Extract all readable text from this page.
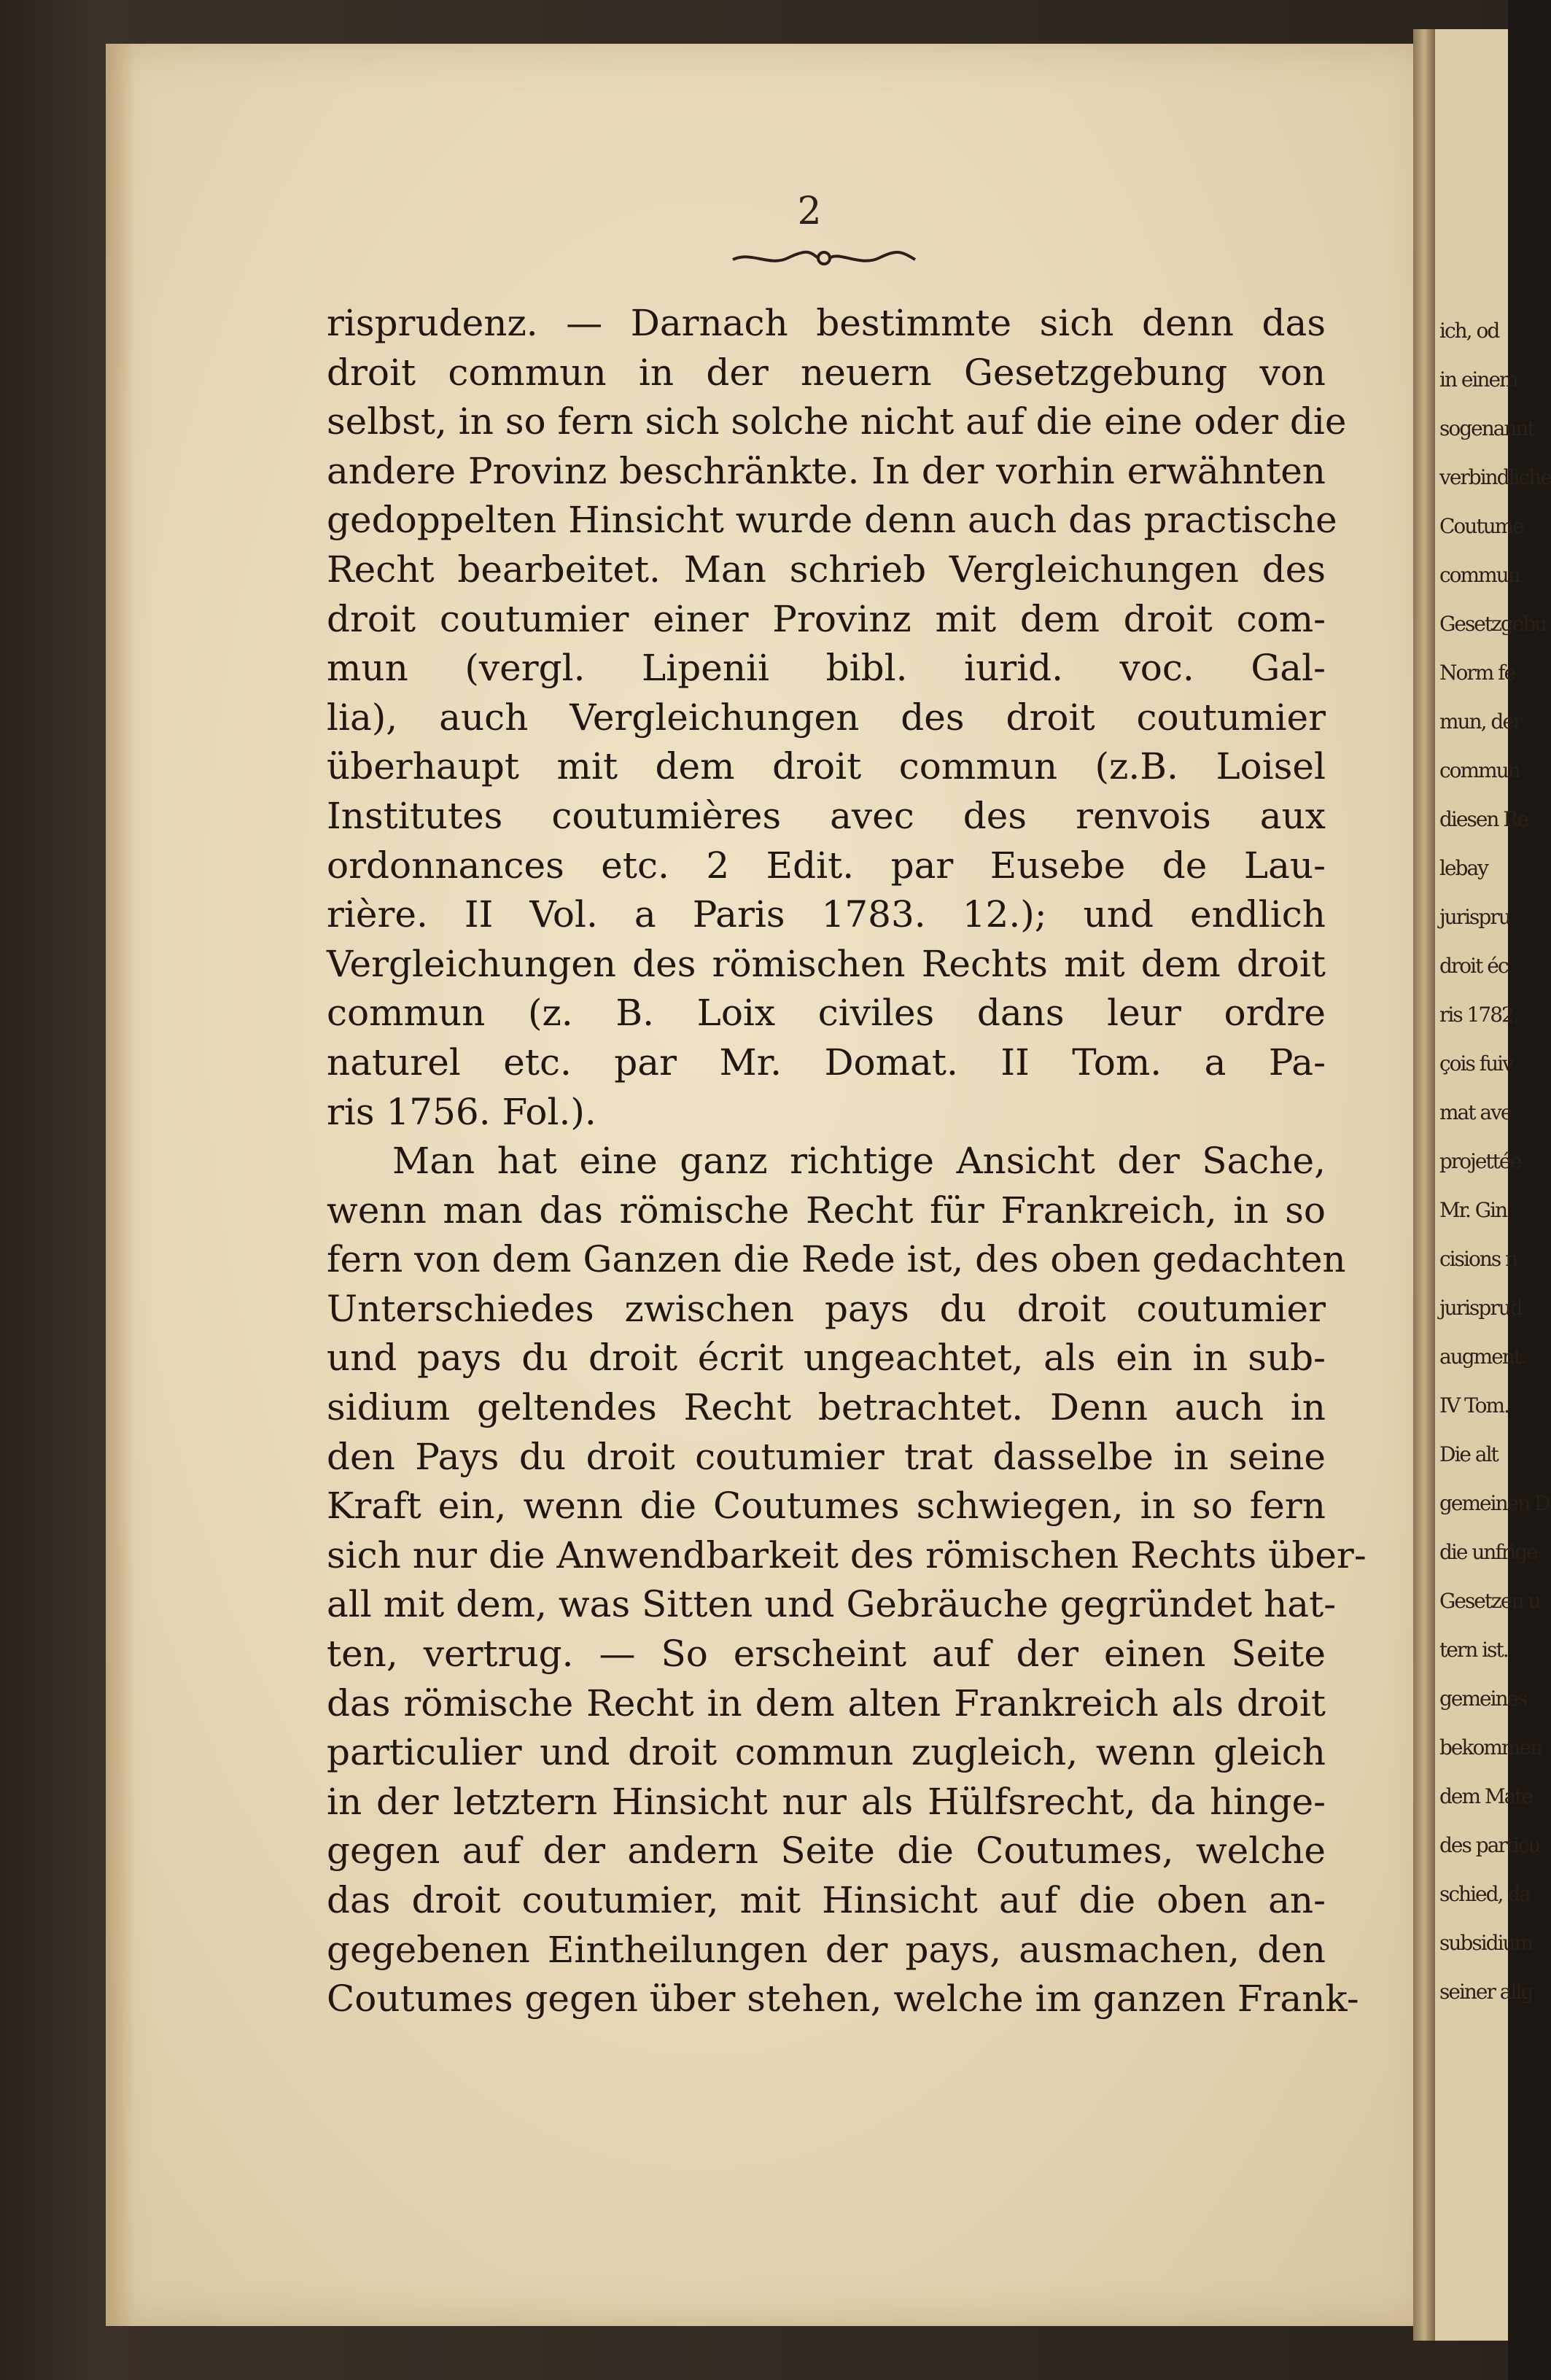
2
risprudenz. — Darnach bestimmte sich denn das
droit commun in der neuern Gesetzgebung von
selbst, in so fern sich solche nicht auf die eine oder die
andere Provinz beschränkte. In der vorhin erwähnten
gedoppelten Hinsicht wurde denn auch das practische
Recht bearbeitet. Man schrieb Vergleichungen des
droit coutumier einer Provinz mit dem droit com-
mun (vergl. Lipenii bibl. iurid. voc. Gal-
lia), auch Vergleichungen des droit coutumier
überhaupt mit dem droit commun (z.B. Loisel
Institutes coutumières avec des renvois aux
ordonnances etc. 2 Edit. par Eusebe de Lau-
rière. II Vol. a Paris 1783. 12.); und endlich
Vergleichungen des römischen Rechts mit dem droit
commun (z. B. Loix civiles dans leur ordre
naturel etc. par Mr. Domat. II Tom. a Pa-
ris 1756. Fol.).
Man hat eine ganz richtige Ansicht der Sache,
wenn man das römische Recht für Frankreich, in so
fern von dem Ganzen die Rede ist, des oben gedachten
Unterschiedes zwischen pays du droit coutumier
und pays du droit écrit ungeachtet, als ein in sub-
sidium geltendes Recht betrachtet. Denn auch in
den Pays du droit coutumier trat dasselbe in seine
Kraft ein, wenn die Coutumes schwiegen, in so fern
sich nur die Anwendbarkeit des römischen Rechts über-
all mit dem, was Sitten und Gebräuche gegründet hat-
ten, vertrug. — So erscheint auf der einen Seite
das römische Recht in dem alten Frankreich als droit
particulier und droit commun zugleich, wenn gleich
in der letztern Hinsicht nur als Hülfsrecht, da hinge-
gegen auf der andern Seite die Coutumes, welche
das droit coutumier, mit Hinsicht auf die oben an-
gegebenen Eintheilungen der pays, ausmachen, den
Coutumes gegen über stehen, welche im ganzen Frank-
ich, od
in einem
sogenannt
verbindliche
Coutume
commun
Gesetzgebu
Norm fe
mun, der
commun
diesen Re
lebay
jurispru
droit éc
ris 1782.
çois fuiv
mat ave
projettée
Mr. Gin
cisions n
jurisprud
augment.
IV Tom.
Die alt
gemeinen D
die unfrige
Gesetzen u
tern ist.
gemeines
bekommen
dem Mate
des particu
schied, da
subsidium
seiner allg
